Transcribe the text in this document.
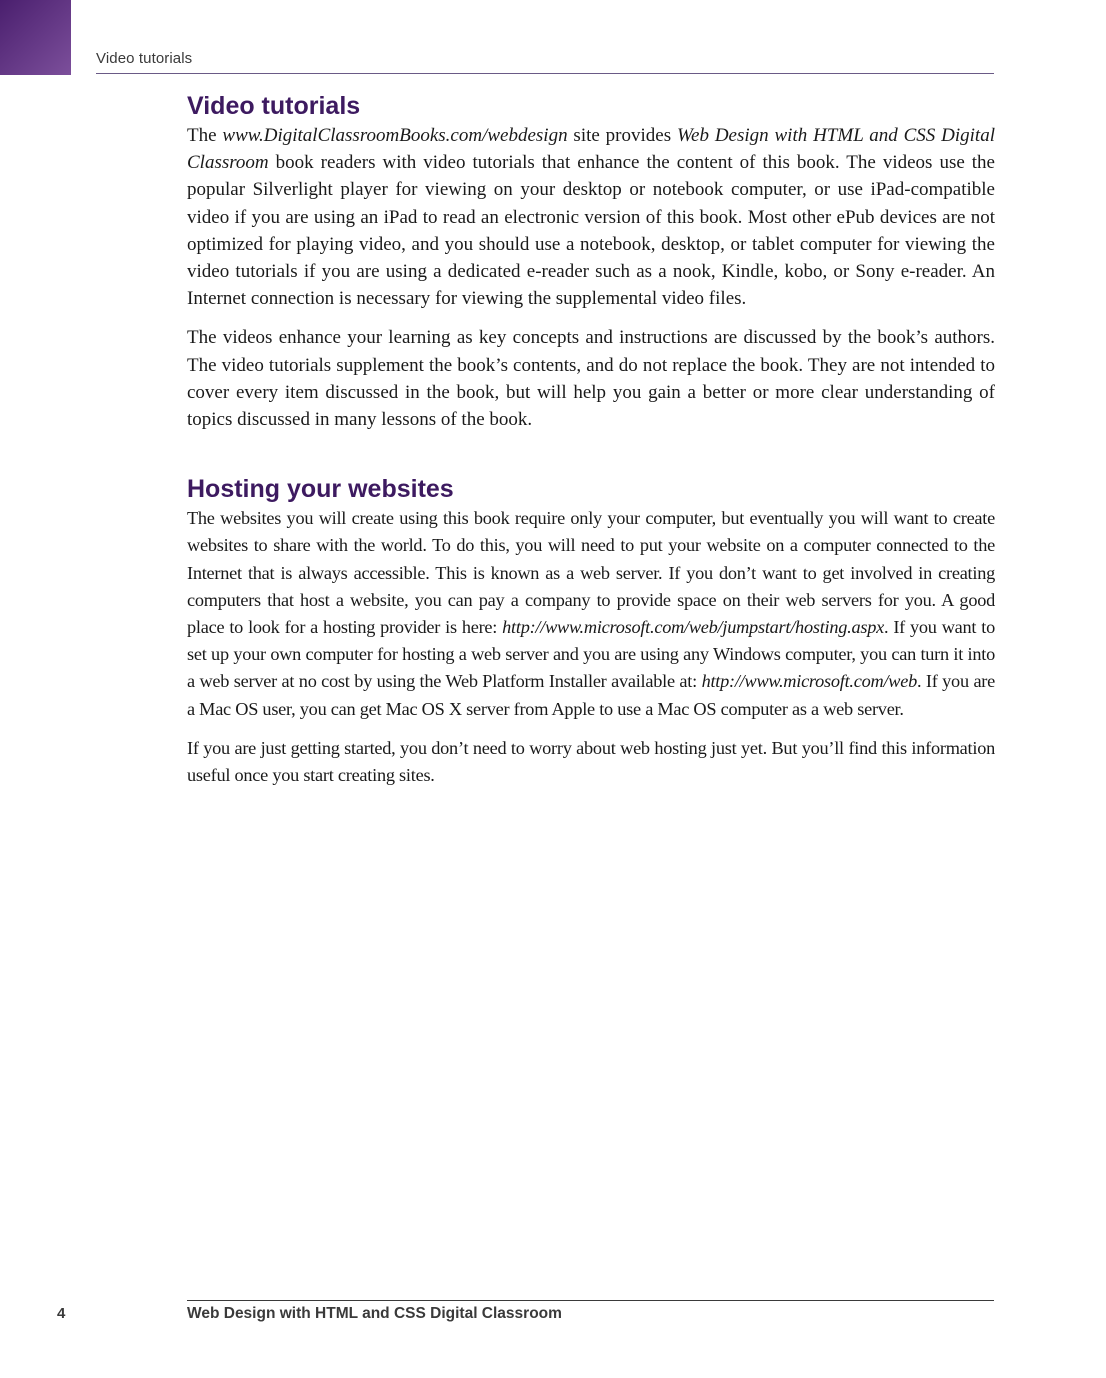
Video tutorials
Video tutorials

The www.DigitalClassroomBooks.com/webdesign site provides Web Design with HTML and CSS Digital Classroom book readers with video tutorials that enhance the content of this book. The videos use the popular Silverlight player for viewing on your desktop or notebook computer, or use iPad-compatible video if you are using an iPad to read an electronic version of this book. Most other ePub devices are not optimized for playing video, and you should use a notebook, desktop, or tablet computer for viewing the video tutorials if you are using a dedicated e-reader such as a nook, Kindle, kobo, or Sony e-reader. An Internet connection is necessary for viewing the supplemental video files.

The videos enhance your learning as key concepts and instructions are discussed by the book’s authors. The video tutorials supplement the book’s contents, and do not replace the book. They are not intended to cover every item discussed in the book, but will help you gain a better or more clear understanding of topics discussed in many lessons of the book.

Hosting your websites

The websites you will create using this book require only your computer, but eventually you will want to create websites to share with the world. To do this, you will need to put your website on a computer connected to the Internet that is always accessible. This is known as a web server. If you don’t want to get involved in creating computers that host a website, you can pay a company to provide space on their web servers for you. A good place to look for a hosting provider is here: http://www.microsoft.com/web/jumpstart/hosting.aspx. If you want to set up your own computer for hosting a web server and you are using any Windows computer, you can turn it into a web server at no cost by using the Web Platform Installer available at: http://www.microsoft.com/web. If you are a Mac OS user, you can get Mac OS X server from Apple to use a Mac OS computer as a web server.

If you are just getting started, you don’t need to worry about web hosting just yet. But you’ll find this information useful once you start creating sites.

4	Web Design with HTML and CSS Digital Classroom
